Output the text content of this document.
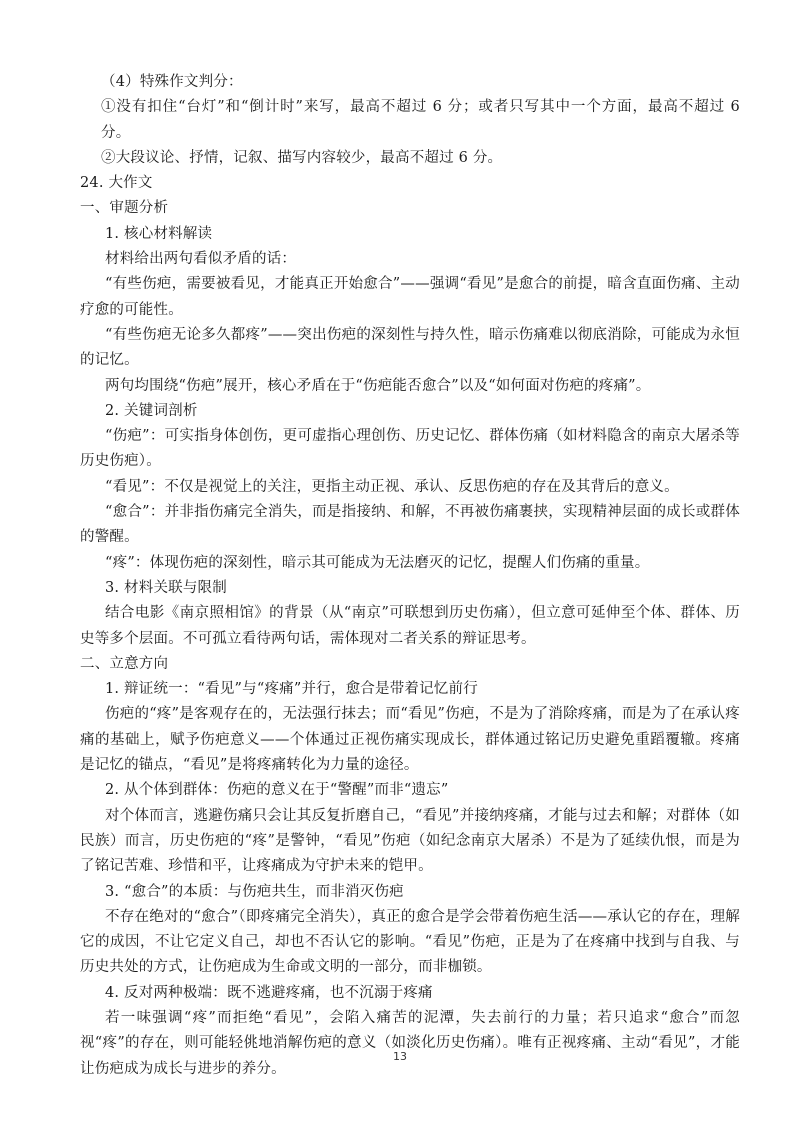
（4）特殊作文判分：

①没有扣住“台灯”和“倒计时”来写，最高不超过 6 分；或者只写其中一个方面，最高不超过 6 分。

②大段议论、抒情，记叙、描写内容较少，最高不超过 6 分。

24. 大作文

一、审题分析

1. 核心材料解读

材料给出两句看似矛盾的话：

“有些伤疤，需要被看见，才能真正开始愈合”——强调“看见”是愈合的前提，暗含直面伤痛、主动疗愈的可能性。

“有些伤疤无论多久都疼”——突出伤疤的深刻性与持久性，暗示伤痛难以彻底消除，可能成为永恒的记忆。

两句均围绕“伤疤”展开，核心矛盾在于“伤疤能否愈合”以及“如何面对伤疤的疼痛”。

2. 关键词剖析

“伤疤”：可实指身体创伤，更可虚指心理创伤、历史记忆、群体伤痛（如材料隐含的南京大屠杀等历史伤疤）。

“看见”：不仅是视觉上的关注，更指主动正视、承认、反思伤疤的存在及其背后的意义。

“愈合”：并非指伤痛完全消失，而是指接纳、和解，不再被伤痛裹挟，实现精神层面的成长或群体的警醒。

“疼”：体现伤疤的深刻性，暗示其可能成为无法磨灭的记忆，提醒人们伤痛的重量。

3. 材料关联与限制

结合电影《南京照相馆》的背景（从“南京”可联想到历史伤痛），但立意可延伸至个体、群体、历史等多个层面。不可孤立看待两句话，需体现对二者关系的辩证思考。

二、立意方向

1. 辩证统一：“看见”与“疼痛”并行，愈合是带着记忆前行

伤疤的“疼”是客观存在的，无法强行抹去；而“看见”伤疤，不是为了消除疼痛，而是为了在承认疼痛的基础上，赋予伤疤意义——个体通过正视伤痛实现成长，群体通过铭记历史避免重蹈覆辙。疼痛是记忆的锚点，“看见”是将疼痛转化为力量的途径。

2. 从个体到群体：伤疤的意义在于“警醒”而非“遗忘”

对个体而言，逃避伤痛只会让其反复折磨自己，“看见”并接纳疼痛，才能与过去和解；对群体（如民族）而言，历史伤疤的“疼”是警钟，“看见”伤疤（如纪念南京大屠杀）不是为了延续仇恨，而是为了铭记苦难、珍惜和平，让疼痛成为守护未来的铠甲。

3. “愈合”的本质：与伤疤共生，而非消灭伤疤

不存在绝对的“愈合”（即疼痛完全消失），真正的愈合是学会带着伤疤生活——承认它的存在，理解它的成因，不让它定义自己，却也不否认它的影响。“看见”伤疤，正是为了在疼痛中找到与自我、与历史共处的方式，让伤疤成为生命或文明的一部分，而非枷锁。

4. 反对两种极端：既不逃避疼痛，也不沉溺于疼痛

若一味强调“疼”而拒绝“看见”，会陷入痛苦的泥潭，失去前行的力量；若只追求“愈合”而忽视“疼”的存在，则可能轻佻地消解伤疤的意义（如淡化历史伤痛）。唯有正视疼痛、主动“看见”，才能让伤疤成为成长与进步的养分。

13
